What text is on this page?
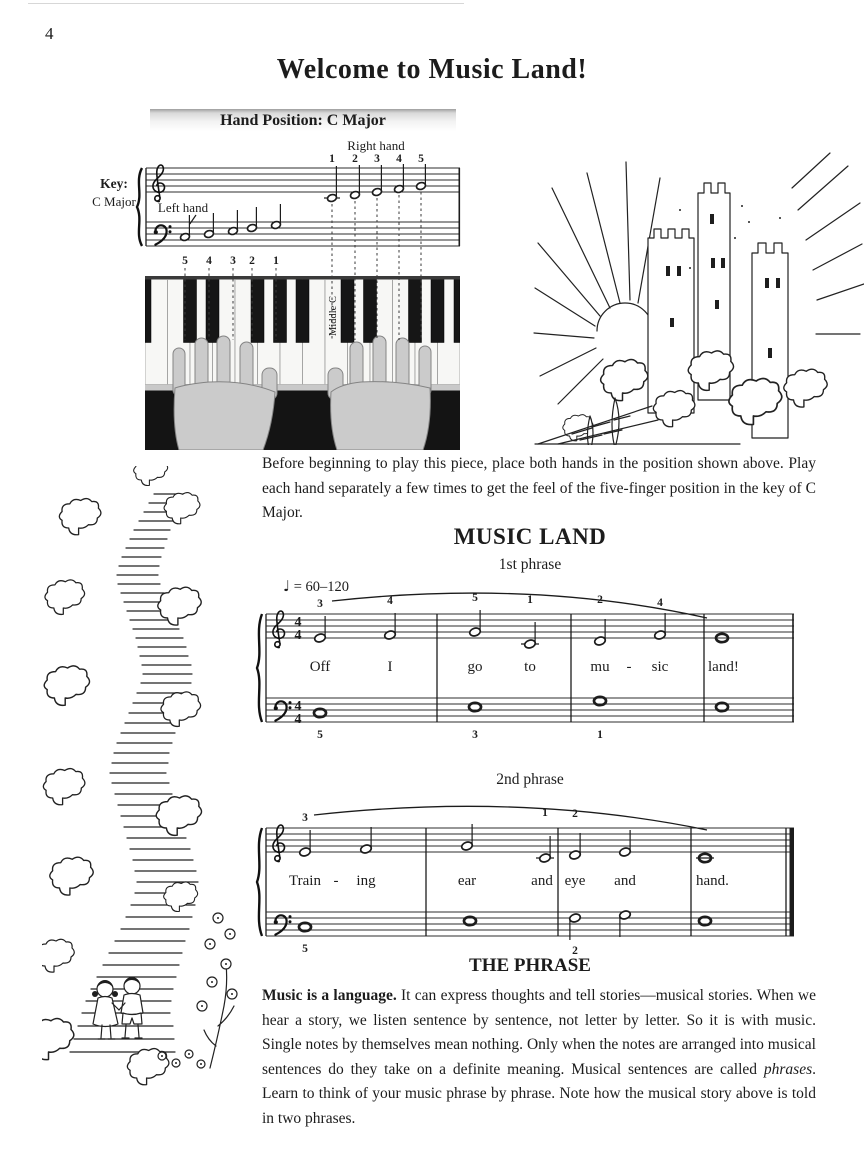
4
Welcome to Music Land!
Hand Position: C Major
Middle C
Key:
C Major
Right hand
1 2 3 4 5
Left hand
5 4 3 2 1
Before beginning to play this piece, place both hands in the position shown above. Play each hand separately a few times to get the feel of the five-finger position in the key of C Major.
MUSIC LAND
1st phrase
♩ = 60–120
4
4
4
4
3	4	5	1	2	4
Off	I	go	to	mu - sic	land!
5	3	1
2nd phrase
3	1 2
Train - ing	ear	and eye and	hand.
5	2
THE PHRASE
Music is a language. It can express thoughts and tell stories—musical stories. When we hear a story, we listen sentence by sentence, not letter by letter. So it is with music. Single notes by themselves mean nothing. Only when the notes are arranged into musical sentences do they take on a definite meaning. Musical sentences are called phrases. Learn to think of your music phrase by phrase. Note how the musical story above is told in two phrases.
